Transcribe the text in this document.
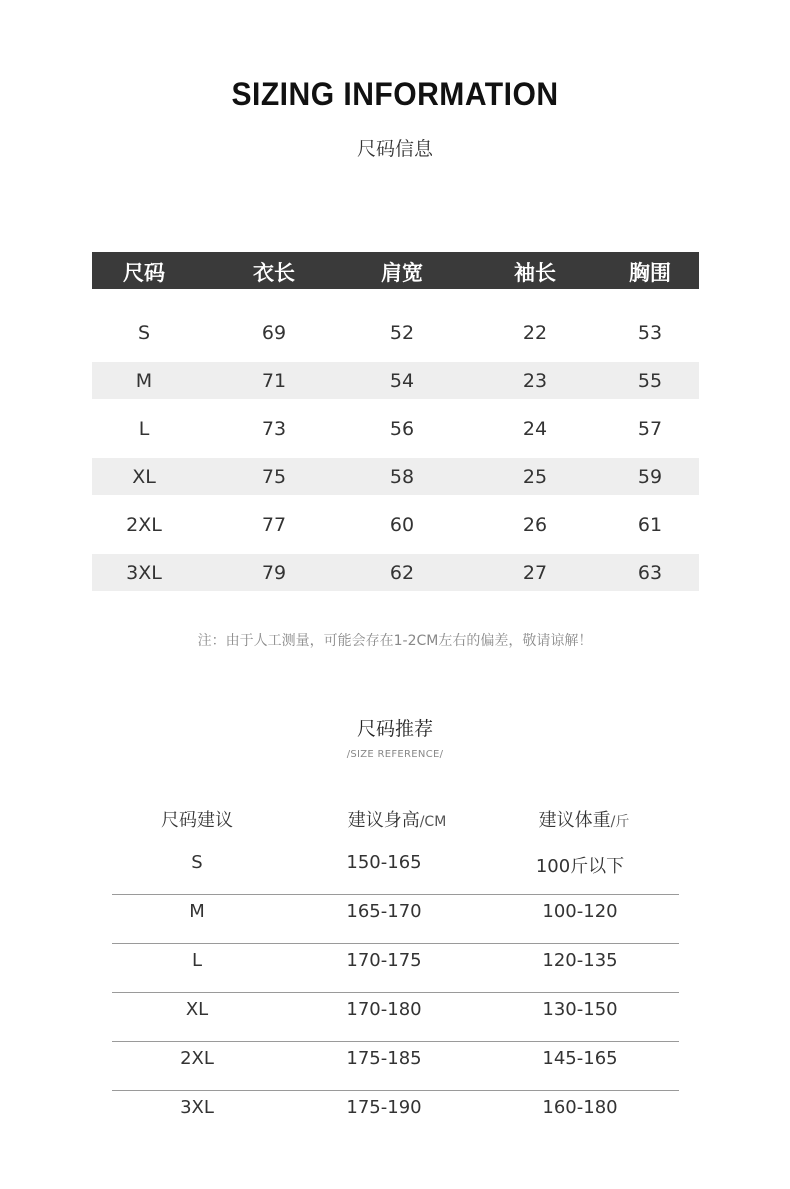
SIZING INFORMATION
尺码信息
尺码	衣长	肩宽	袖长	胸围
S	69	52	22	53
M	71	54	23	55
L	73	56	24	57
XL	75	58	25	59
2XL	77	60	26	61
3XL	79	62	27	63
注：由于人工测量，可能会存在1-2CM左右的偏差，敬请谅解！
尺码推荐
/SIZE REFERENCE/
尺码建议	建议身高/CM	建议体重/斤
S	150-165	100斤以下
M	165-170	100-120
L	170-175	120-135
XL	170-180	130-150
2XL	175-185	145-165
3XL	175-190	160-180
